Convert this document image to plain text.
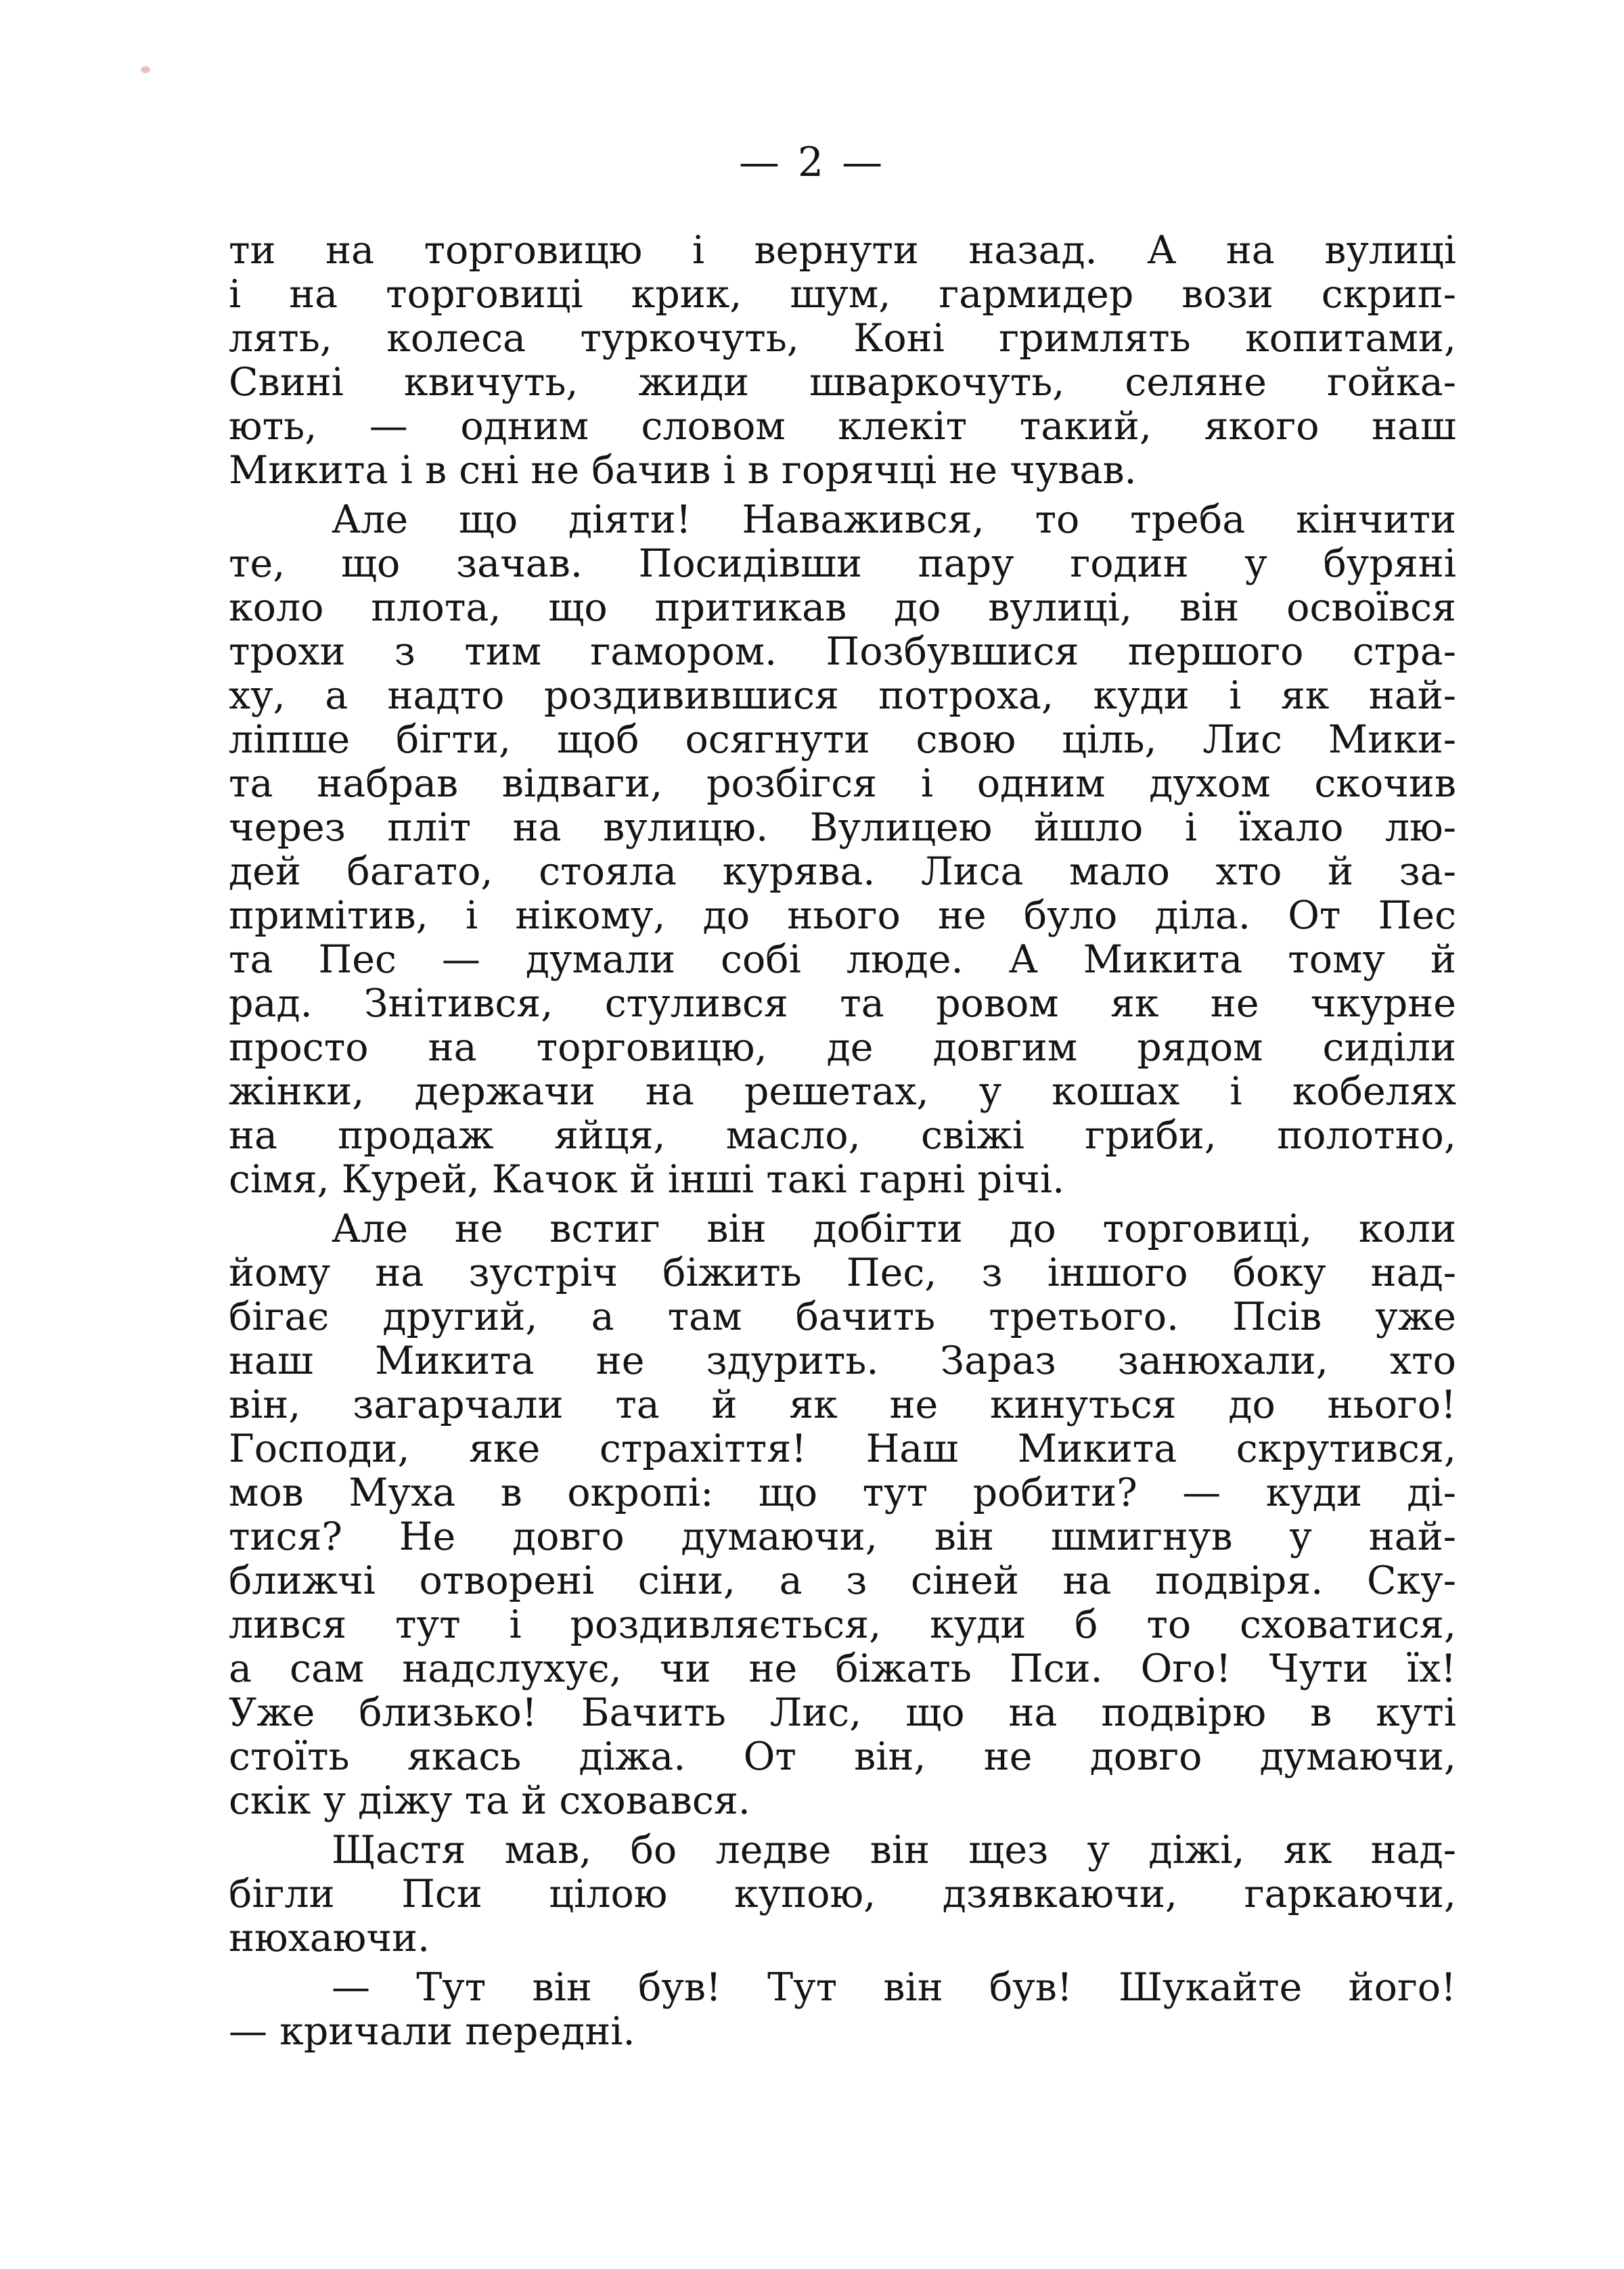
— 2 —
ти на торговицю і вернути назад. А на вулиці
і на торговиці крик, шум, гармидер вози скрип-
лять, колеса туркочуть, Коні гримлять копитами,
Свині квичуть, жиди шваркочуть, селяне гойка-
ють, — одним словом клекіт такий, якого наш
Микита і в сні не бачив і в горячці не чував.
Але що діяти! Наважився, то треба кінчити
те, що зачав. Посидівши пару годин у буряні
коло плота, що притикав до вулиці, він освоївся
трохи з тим гамором. Позбувшися першого стра-
ху, а надто роздивившися потроха, куди і як най-
ліпше бігти, щоб осягнути свою ціль, Лис Мики-
та набрав відваги, розбігся і одним духом скочив
через пліт на вулицю. Вулицею йшло і їхало лю-
дей багато, стояла курява. Лиса мало хто й за-
примітив, і нікому, до нього не було діла. От Пес
та Пес — думали собі люде. А Микита тому й
рад. Знітився, стулився та ровом як не чкурне
просто на торговицю, де довгим рядом сиділи
жінки, держачи на решетах, у кошах і кобелях
на продаж яйця, масло, свіжі гриби, полотно,
сімя, Курей, Качок й інші такі гарні річі.
Але не встиг він добігти до торговиці, коли
йому на зустріч біжить Пес, з іншого боку над-
бігає другий, а там бачить третього. Псів уже
наш Микита не здурить. Зараз занюхали, хто
він, загарчали та й як не кинуться до нього!
Господи, яке страхіття! Наш Микита скрутився,
мов Муха в окропі: що тут робити? — куди ді-
тися? Не довго думаючи, він шмигнув у най-
ближчі отворені сіни, а з сіней на подвіря. Ску-
лився тут і роздивляється, куди б то сховатися,
а сам надслухує, чи не біжать Пси. Ого! Чути їх!
Уже близько! Бачить Лис, що на подвірю в куті
стоїть якась діжа. От він, не довго думаючи,
скік у діжу та й сховався.
Щастя мав, бо ледве він щез у діжі, як над-
бігли Пси цілою купою, дзявкаючи, гаркаючи,
нюхаючи.
— Тут він був! Тут він був! Шукайте його!
— кричали передні.
